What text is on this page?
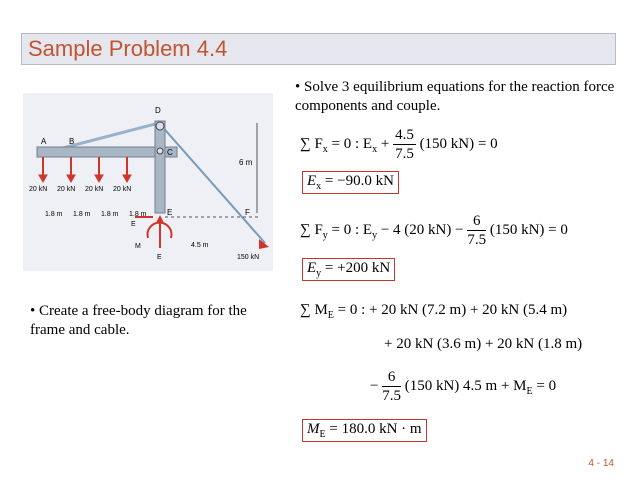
Sample Problem 4.4
A	B
C
D
E	F
20 kN 20 kN 20 kN 20 kN
1.8 m 1.8 m 1.8 m 1.8 m
6 m
4.5 m
150 kN
E
M
E
• Solve 3 equilibrium equations for the reaction force components and couple.
∑ $F_x = 0$ : $E_x + \frac{4.5}{7.5} (150$ kN) = 0
$E_x = -90.0$ kN
∑ $F_y = 0$ : $E_y - 4$ (20 $kN) - \frac{6}{7.5} (150$ kN) = 0
$E_y = +200$ kN
• Create a free-body diagram for the frame and cable.
∑ $M_E = 0$ : + 20 kN (7.2 m) + 20 kN (5.4 m)
+ 20 kN (3.6 m) + 20 kN (1.8 m)
− $\frac{6}{7.5} (150$ kN) 4.5 $m + M_E = 0$
$M_E = 180.0$ kN · m
4 - 14
